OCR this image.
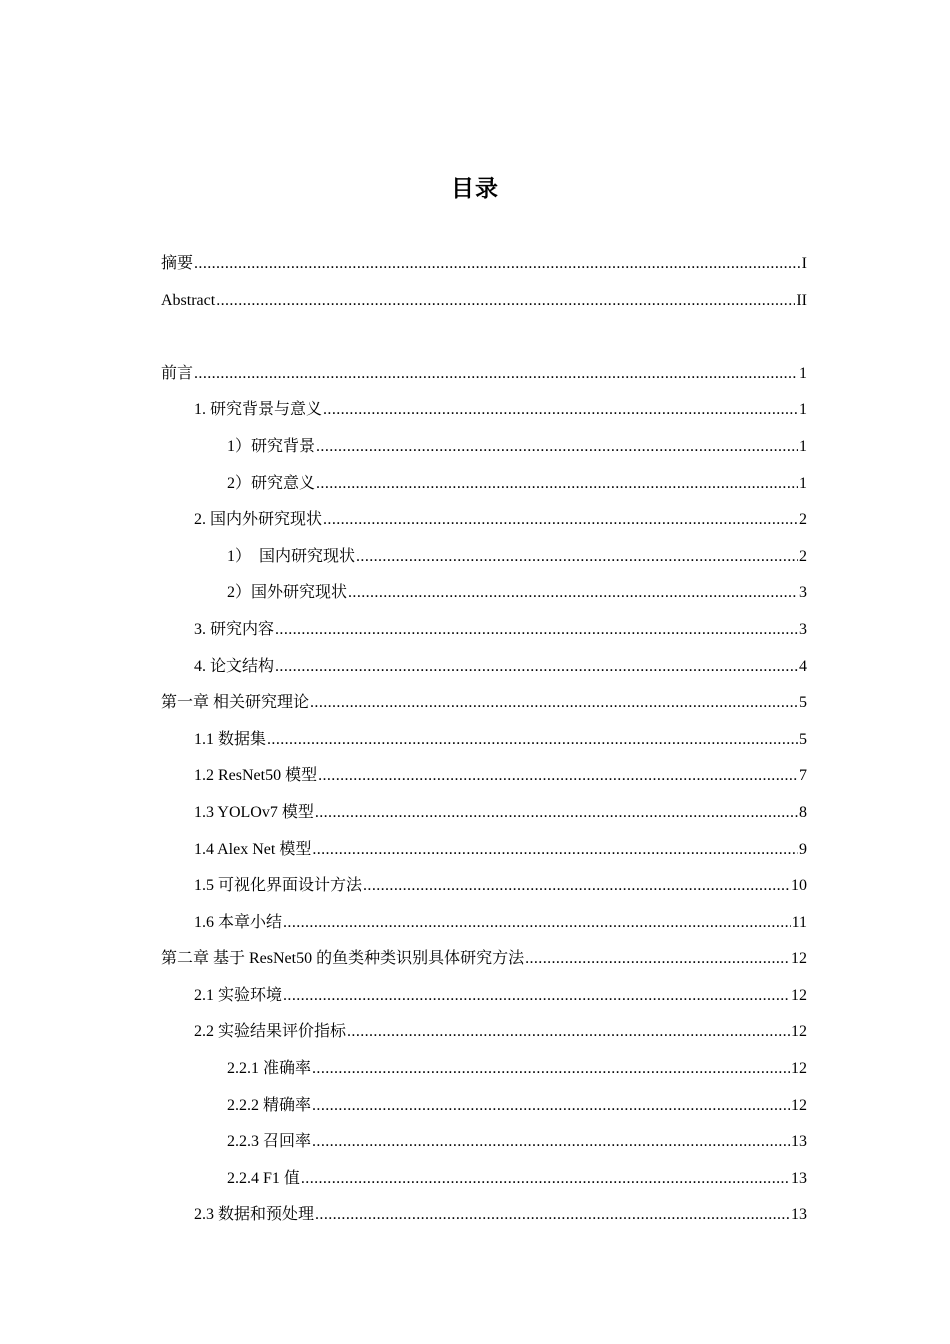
目录
摘要 .....	I
Abstract .....	II
前言 .....	1
1. 研究背景与意义 .....	1
1）研究背景 .....	1
2）研究意义 .....	1
2. 国内外研究现状 .....	2
1）  国内研究现状 .....	2
2）国外研究现状 .....	3
3. 研究内容 .....	3
4. 论文结构 .....	4
第一章 相关研究理论 .....	5
1.1 数据集 .....	5
1.2 ResNet50 模型 .....	7
1.3 YOLOv7 模型 .....	8
1.4 Alex Net 模型 .....	9
1.5 可视化界面设计方法 .....	10
1.6 本章小结 .....	11
第二章 基于 ResNet50 的鱼类种类识别具体研究方法 .....	12
2.1 实验环境 .....	12
2.2 实验结果评价指标 .....	12
2.2.1 准确率 .....	12
2.2.2 精确率 .....	12
2.2.3 召回率 .....	13
2.2.4 F1 值 .....	13
2.3 数据和预处理 .....	13
